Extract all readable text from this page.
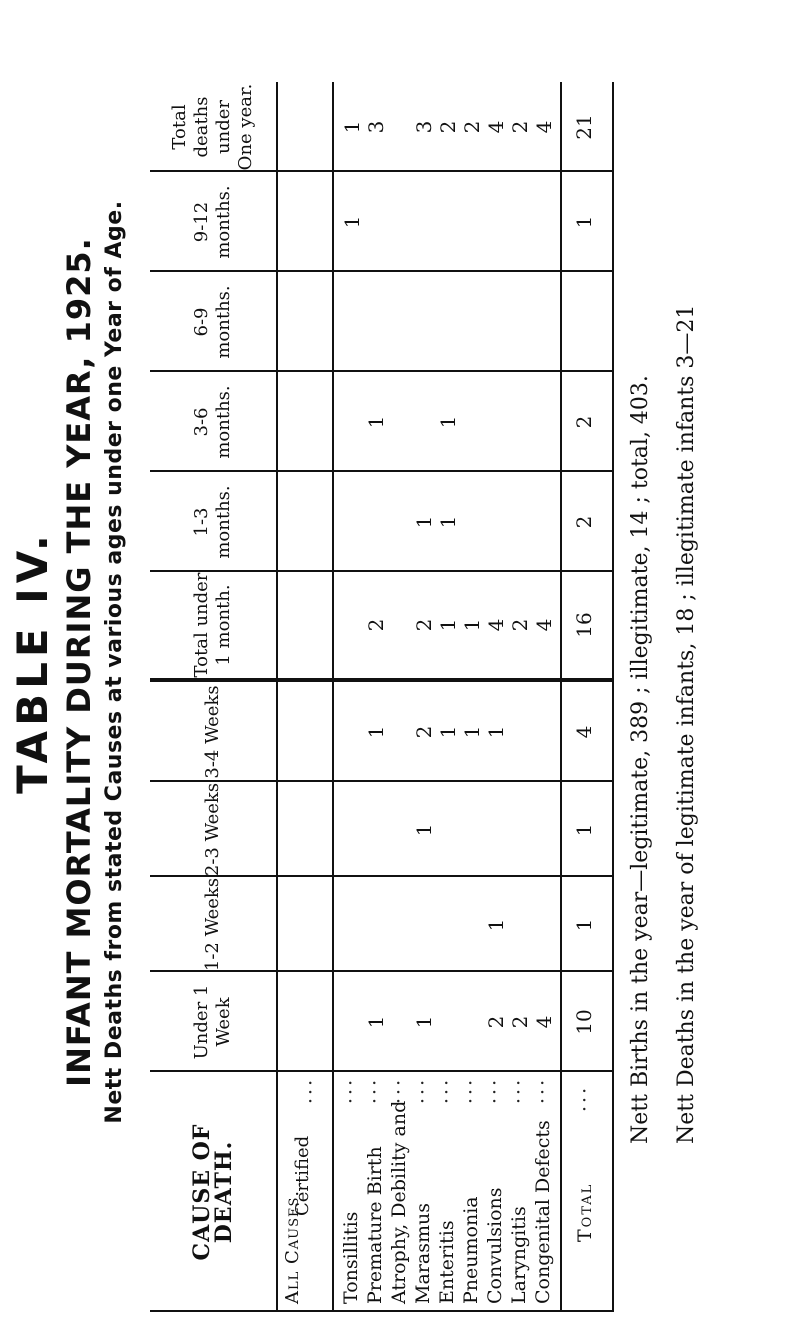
TABLE IV. INFANT MORTALITY DURING THE YEAR, 1925. Nett Deaths from stated Causes at various ages under one Year of Age.
CAUSE OF DEATH.
Under 1 Week
1-2 Weeks
2-3 Weeks
3-4 Weeks
Total under 1 month.
1-3 months.
3-6 months.
6-9 months.
9-12 months.
Total deaths under One year.
All Causes.
Certified
···
Tonsillitis
···
1
1
Premature Birth
···
1
1
2
1
3
Atrophy, Debility and
···
Marasmus
···
1
1
2
2
1
3
Enteritis
···
1
1
1
1
2
Pneumonia
···
1
1
2
Convulsions
···
2
1
1
4
4
Laryngitis
···
2
2
2
Congenital Defects
···
4
4
4
Total
···
10
1
1
4
16
2
2
1
21
Nett Births in the year—legitimate, 389 ; illegitimate, 14 ; total, 403. Nett Deaths in the year of legitimate infants, 18 ; illegitimate infants 3—21
